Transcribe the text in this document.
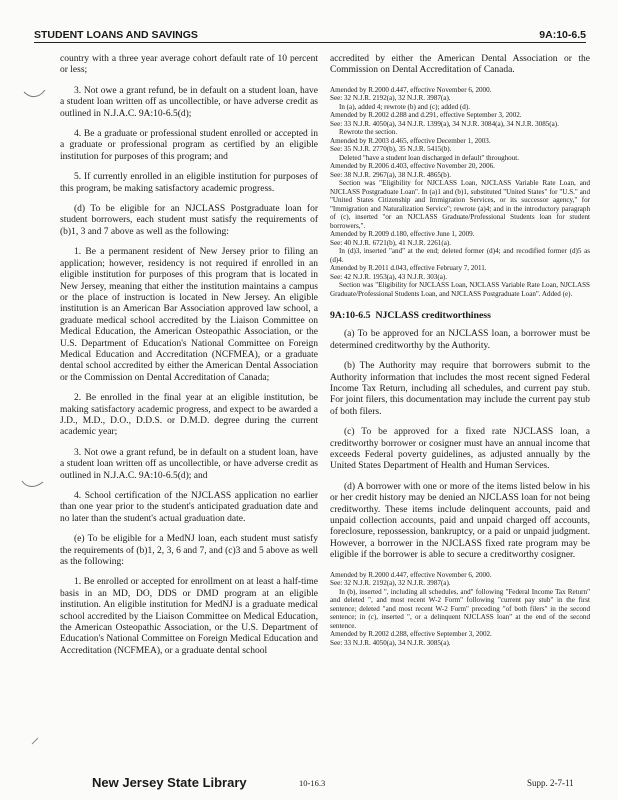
STUDENT LOANS AND SAVINGS	9A:10-6.5

country with a three year average cohort default rate of 10 percent or less;

3. Not owe a grant refund, be in default on a student loan, have a student loan written off as uncollectible, or have adverse credit as outlined in N.J.A.C. 9A:10-6.5(d);

4. Be a graduate or professional student enrolled or accepted in a graduate or professional program as certified by an eligible institution for purposes of this program; and

5. If currently enrolled in an eligible institution for purposes of this program, be making satisfactory academic progress.

(d) To be eligible for an NJCLASS Postgraduate loan for student borrowers, each student must satisfy the requirements of (b)1, 3 and 7 above as well as the following:

1. Be a permanent resident of New Jersey prior to filing an application; however, residency is not required if enrolled in an eligible institution for purposes of this program that is located in New Jersey, meaning that either the institution maintains a campus or the place of instruction is located in New Jersey. An eligible institution is an American Bar Association approved law school, a graduate medical school accredited by the Liaison Committee on Medical Education, the American Osteopathic Association, or the U.S. Department of Education's National Committee on Foreign Medical Education and Accreditation (NCFMEA), or a graduate dental school accredited by either the American Dental Association or the Commission on Dental Accreditation of Canada;

2. Be enrolled in the final year at an eligible institution, be making satisfactory academic progress, and expect to be awarded a J.D., M.D., D.O., D.D.S. or D.M.D. degree during the current academic year;

3. Not owe a grant refund, be in default on a student loan, have a student loan written off as uncollectible, or have adverse credit as outlined in N.J.A.C. 9A:10-6.5(d); and

4. School certification of the NJCLASS application no earlier than one year prior to the student's anticipated graduation date and no later than the student's actual graduation date.

(e) To be eligible for a MedNJ loan, each student must satisfy the requirements of (b)1, 2, 3, 6 and 7, and (c)3 and 5 above as well as the following:

1. Be enrolled or accepted for enrollment on at least a half-time basis in an MD, DO, DDS or DMD program at an eligible institution. An eligible institution for MedNJ is a graduate medical school accredited by the Liaison Committee on Medical Education, the American Osteopathic Association, or the U.S. Department of Education's National Committee on Foreign Medical Education and Accreditation (NCFMEA), or a graduate dental school

accredited by either the American Dental Association or the Commission on Dental Accreditation of Canada.

Amended by R.2000 d.447, effective November 6, 2000.

See: 32 N.J.R. 2192(a), 32 N.J.R. 3987(a).

In (a), added 4; rewrote (b) and (c); added (d).

Amended by R.2002 d.288 and d.291, effective September 3, 2002.

See: 33 N.J.R. 4050(a), 34 N.J.R. 1399(a), 34 N.J.R. 3084(a), 34 N.J.R. 3085(a).

Rewrote the section.

Amended by R.2003 d.465, effective December 1, 2003.

See: 35 N.J.R. 2770(b), 35 N.J.R. 5415(b).

Deleted "have a student loan discharged in default" throughout.

Amended by R.2006 d.403, effective November 20, 2006.

See: 38 N.J.R. 2967(a), 38 N.J.R. 4865(b).

Section was "Eligibility for NJCLASS Loan, NJCLASS Variable Rate Loan, and NJCLASS Postgraduate Loan". In (a)1 and (b)1, substituted "United States" for "U.S." and "United States Citizenship and Immigration Services, or its successor agency," for "Immigration and Naturalization Service"; rewrote (a)4; and in the introductory paragraph of (c), inserted "or an NJCLASS Graduate/Professional Students loan for student borrowers,".

Amended by R.2009 d.180, effective June 1, 2009.

See: 40 N.J.R. 6721(b), 41 N.J.R. 2261(a).

In (d)3, inserted "and" at the end; deleted former (d)4; and recodified former (d)5 as (d)4.

Amended by R.2011 d.043, effective February 7, 2011.

See: 42 N.J.R. 1953(a), 43 N.J.R. 303(a).

Section was "Eligibility for NJCLASS Loan, NJCLASS Variable Rate Loan, NJCLASS Graduate/Professional Students Loan, and NJCLASS Postgraduate Loan". Added (e).

9A:10-6.5 NJCLASS creditworthiness

(a) To be approved for an NJCLASS loan, a borrower must be determined creditworthy by the Authority.

(b) The Authority may require that borrowers submit to the Authority information that includes the most recent signed Federal Income Tax Return, including all schedules, and current pay stub. For joint filers, this documentation may include the current pay stub of both filers.

(c) To be approved for a fixed rate NJCLASS loan, a creditworthy borrower or cosigner must have an annual income that exceeds Federal poverty guidelines, as adjusted annually by the United States Department of Health and Human Services.

(d) A borrower with one or more of the items listed below in his or her credit history may be denied an NJCLASS loan for not being creditworthy. These items include delinquent accounts, paid and unpaid collection accounts, paid and unpaid charged off accounts, foreclosure, repossession, bankruptcy, or a paid or unpaid judgment. However, a borrower in the NJCLASS fixed rate program may be eligible if the borrower is able to secure a creditworthy cosigner.

Amended by R.2000 d.447, effective November 6, 2000.

See: 32 N.J.R. 2192(a), 32 N.J.R. 3987(a).

In (b), inserted ", including all schedules, and" following "Federal Income Tax Return" and deleted ", and most recent W-2 Form" following "current pay stub" in the first sentence; deleted "and most recent W-2 Form" preceding "of both filers" in the second sentence; in (c), inserted ", or a delinquent NJCLASS loan" at the end of the second sentence.

Amended by R.2002 d.288, effective September 3, 2002.

See: 33 N.J.R. 4050(a), 34 N.J.R. 3085(a).

New Jersey State Library	10-16.3	Supp. 2-7-11
